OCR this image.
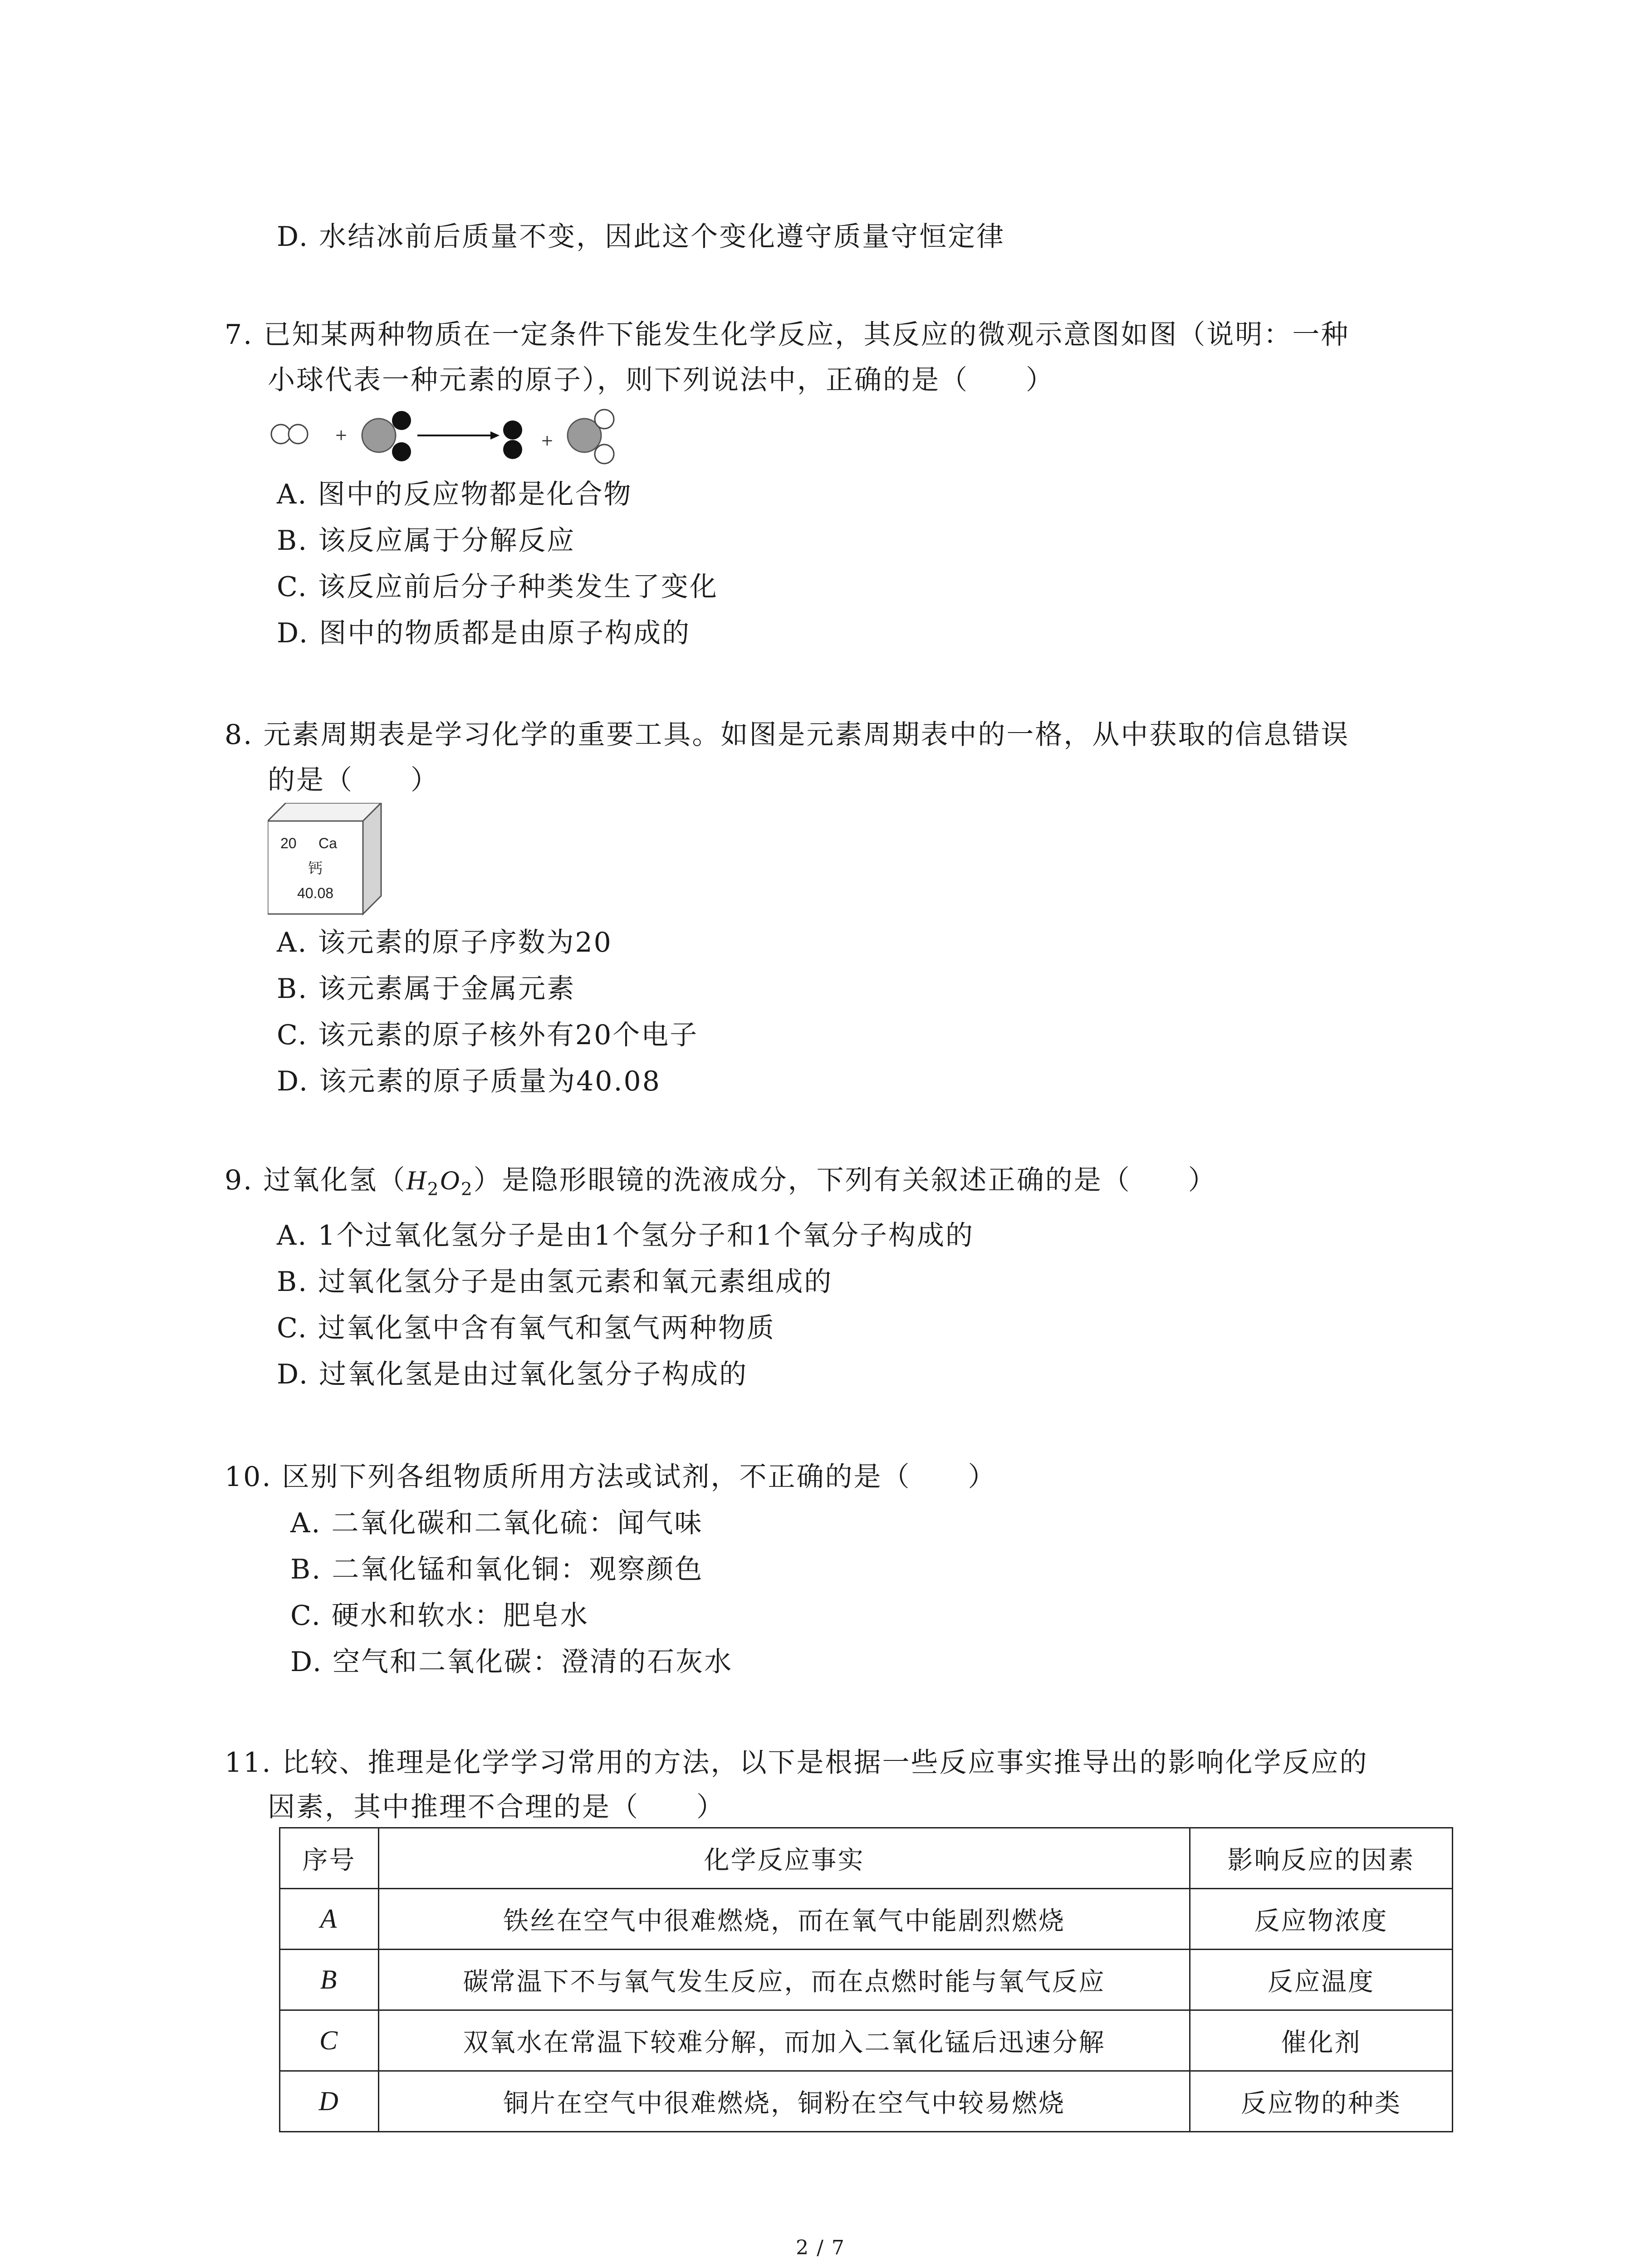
D. 水结冰前后质量不变，因此这个变化遵守质量守恒定律
7. 已知某两种物质在一定条件下能发生化学反应，其反应的微观示意图如图（说明：一种
小球代表一种元素的原子），则下列说法中，正确的是（　　）
+	+
A. 图中的反应物都是化合物
B. 该反应属于分解反应
C. 该反应前后分子种类发生了变化
D. 图中的物质都是由原子构成的
8. 元素周期表是学习化学的重要工具。如图是元素周期表中的一格，从中获取的信息错误
的是（　　）
20 Ca
钙
40.08
A. 该元素的原子序数为20
B. 该元素属于金属元素
C. 该元素的原子核外有20个电子
D. 该元素的原子质量为40.08
9. 过氧化氢$(H_2O_2)$是隐形眼镜的洗液成分，下列有关叙述正确的是（　　）
A. 1个过氧化氢分子是由1个氢分子和1个氧分子构成的
B. 过氧化氢分子是由氢元素和氧元素组成的
C. 过氧化氢中含有氧气和氢气两种物质
D. 过氧化氢是由过氧化氢分子构成的
10. 区别下列各组物质所用方法或试剂，不正确的是（　　）
A. 二氧化碳和二氧化硫：闻气味
B. 二氧化锰和氧化铜：观察颜色
C. 硬水和软水：肥皂水
D. 空气和二氧化碳：澄清的石灰水
11. 比较、推理是化学学习常用的方法，以下是根据一些反应事实推导出的影响化学反应的
因素，其中推理不合理的是（　　）
序号	化学反应事实	影响反应的因素
A	铁丝在空气中很难燃烧，而在氧气中能剧烈燃烧	反应物浓度
B	碳常温下不与氧气发生反应，而在点燃时能与氧气反应	反应温度
C	双氧水在常温下较难分解，而加入二氧化锰后迅速分解	催化剂
D	铜片在空气中很难燃烧，铜粉在空气中较易燃烧	反应物的种类
2 / 7
